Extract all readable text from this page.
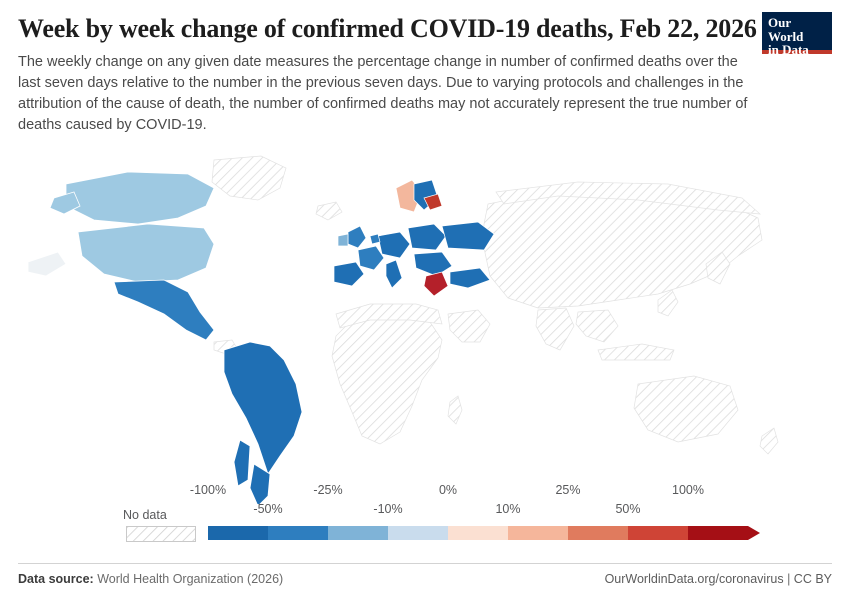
Week by week change of confirmed COVID-19 deaths, Feb 22, 2026

The weekly change on any given date measures the percentage change in number of confirmed deaths over the last seven days relative to the number in the previous seven days. Due to varying protocols and challenges in the attribution of the cause of death, the number of confirmed deaths may not accurately represent the true number of deaths caused by COVID-19.

Our World
in Data
No data
-100%	-25%	0%	25%	100%
-50%	-10%	10%	50%
Data source: World Health Organization (2026)	OurWorldinData.org/coronavirus | CC BY
